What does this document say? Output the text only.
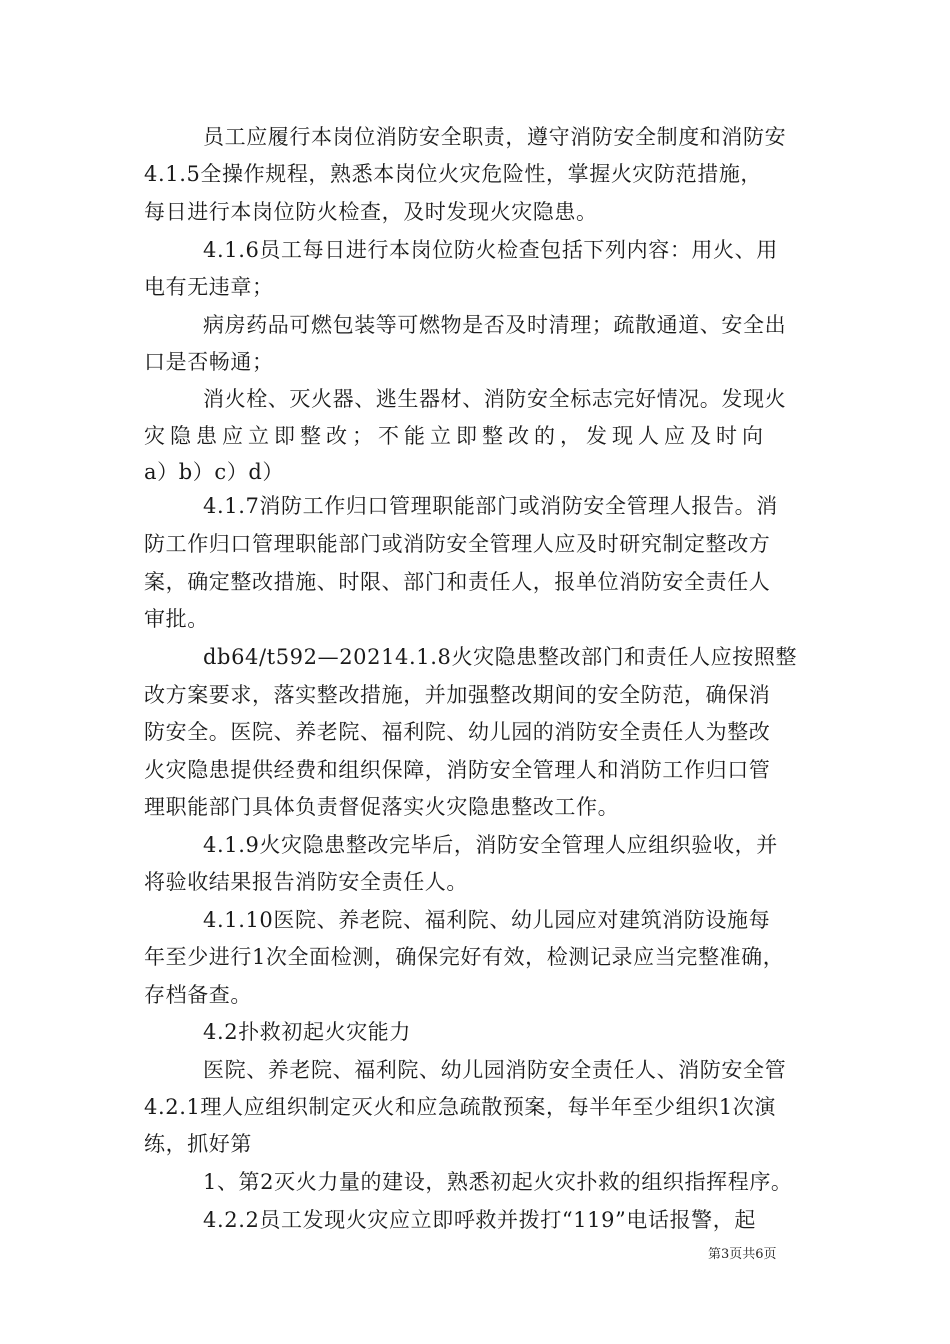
员工应履行本岗位消防安全职责，遵守消防安全制度和消防安
4.1.5全操作规程，熟悉本岗位火灾危险性，掌握火灾防范措施，
每日进行本岗位防火检查，及时发现火灾隐患。
4.1.6员工每日进行本岗位防火检查包括下列内容：用火、用
电有无违章；
病房药品可燃包装等可燃物是否及时清理；疏散通道、安全出
口是否畅通；
消火栓、灭火器、逃生器材、消防安全标志完好情况。发现火
灾隐患应立即整改；不能立即整改的，发现人应及时向
a）b）c）d）
4.1.7消防工作归口管理职能部门或消防安全管理人报告。消
防工作归口管理职能部门或消防安全管理人应及时研究制定整改方
案，确定整改措施、时限、部门和责任人，报单位消防安全责任人
审批。
db64/t592—20214.1.8火灾隐患整改部门和责任人应按照整
改方案要求，落实整改措施，并加强整改期间的安全防范，确保消
防安全。医院、养老院、福利院、幼儿园的消防安全责任人为整改
火灾隐患提供经费和组织保障，消防安全管理人和消防工作归口管
理职能部门具体负责督促落实火灾隐患整改工作。
4.1.9火灾隐患整改完毕后，消防安全管理人应组织验收，并
将验收结果报告消防安全责任人。
4.1.10医院、养老院、福利院、幼儿园应对建筑消防设施每
年至少进行1次全面检测，确保完好有效，检测记录应当完整准确，
存档备查。
4.2扑救初起火灾能力
医院、养老院、福利院、幼儿园消防安全责任人、消防安全管
4.2.1理人应组织制定灭火和应急疏散预案，每半年至少组织1次演
练，抓好第
1、第2灭火力量的建设，熟悉初起火灾扑救的组织指挥程序。
4.2.2员工发现火灾应立即呼救并拨打“119”电话报警，起
第3页共6页
